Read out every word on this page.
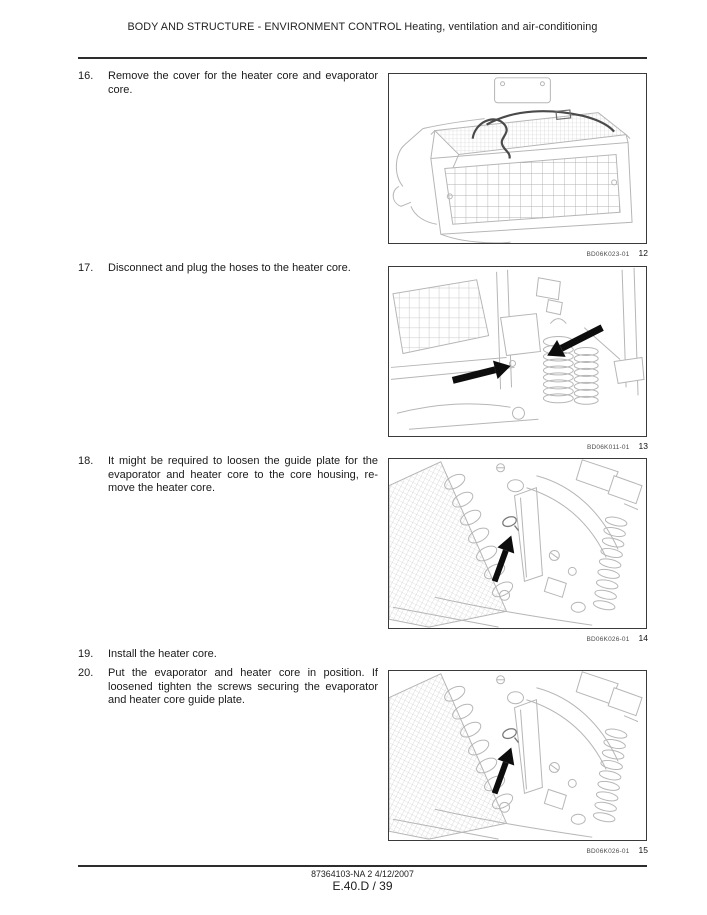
BODY AND STRUCTURE - ENVIRONMENT CONTROL Heating, ventilation and air-conditioning
16.	Remove the cover for the heater core and evaporator core.
BD06K023-01 12
17.	Disconnect and plug the hoses to the heater core.
BD06K011-01 13
18.	It might be required to loosen the guide plate for the evaporator and heater core to the core housing, re-move the heater core.
BD06K026-01 14
19.	Install the heater core.
20.	Put the evaporator and heater core in position. If loosened tighten the screws securing the evaporator and heater core guide plate.
BD06K026-01 15
87364103-NA 2 4/12/2007
E.40.D / 39
